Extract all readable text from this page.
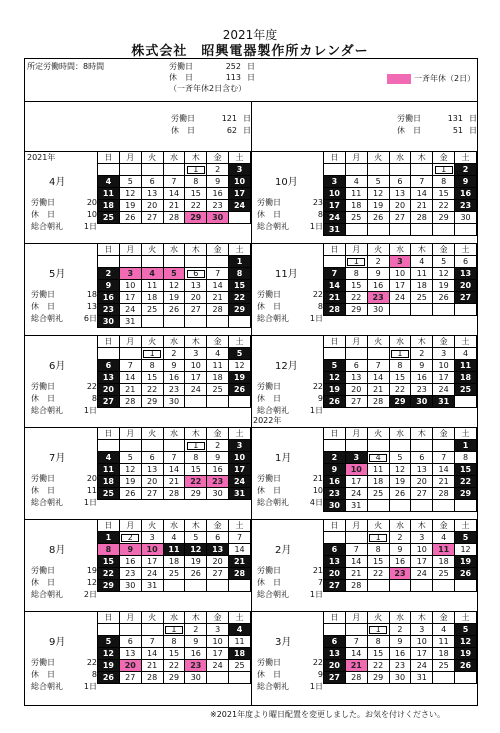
2021年度
株式会社　昭興電器製作所カレンダー
所定労働時間：8時間	労働日	252 日
休　日	113 日
（一斉年休2日含む）
一斉年休（2日）
労働日	121 日
休　日	62 日
労働日	131 日
休　日	51 日
2021年
4月
労働日	20
休　日	10
総合朝礼	1日
日	月	火	水	木	金	土
				1	2	3
4	5	6	7	8	9	10
11	12	13	14	15	16	17
18	19	20	21	22	23	24
25	26	27	28	29	30	
10月
労働日	23
休　日	8
総合朝礼	1日
日	月	火	水	木	金	土
					1	2
3	4	5	6	7	8	9
10	11	12	13	14	15	16
17	18	19	20	21	22	23
24	25	26	27	28	29	30
31						
5月
労働日	18
休　日	13
総合朝礼	6日
日	月	火	水	木	金	土
						1
2	3	4	5	6	7	8
9	10	11	12	13	14	15
16	17	18	19	20	21	22
23	24	25	26	27	28	29
30	31					
11月
労働日	22
休　日	8
総合朝礼	1日
日	月	火	水	木	金	土
	1	2	3	4	5	6
7	8	9	10	11	12	13
14	15	16	17	18	19	20
21	22	23	24	25	26	27
28	29	30				
6月
労働日	22
休　日	8
総合朝礼	1日
日	月	火	水	木	金	土
		1	2	3	4	5
6	7	8	9	10	11	12
13	14	15	16	17	18	19
20	21	22	23	24	25	26
27	28	29	30			
12月
労働日	22
休　日	9
総合朝礼	1日
日	月	火	水	木	金	土
			1	2	3	4
5	6	7	8	9	10	11
12	13	14	15	16	17	18
19	20	21	22	23	24	25
26	27	28	29	30	31	
7月
労働日	20
休　日	11
総合朝礼	1日
日	月	火	水	木	金	土
				1	2	3
4	5	6	7	8	9	10
11	12	13	14	15	16	17
18	19	20	21	22	23	24
25	26	27	28	29	30	31
2022年
1月
労働日	21
休　日	10
総合朝礼	4日
日	月	火	水	木	金	土
						1
2	3	4	5	6	7	8
9	10	11	12	13	14	15
16	17	18	19	20	21	22
23	24	25	26	27	28	29
30	31					
8月
労働日	19
休　日	12
総合朝礼	2日
日	月	火	水	木	金	土
1	2	3	4	5	6	7
8	9	10	11	12	13	14
15	16	17	18	19	20	21
22	23	24	25	26	27	28
29	30	31				
2月
労働日	21
休　日	7
総合朝礼	1日
日	月	火	水	木	金	土
		1	2	3	4	5
6	7	8	9	10	11	12
13	14	15	16	17	18	19
20	21	22	23	24	25	26
27	28					
9月
労働日	22
休　日	8
総合朝礼	1日
日	月	火	水	木	金	土
			1	2	3	4
5	6	7	8	9	10	11
12	13	14	15	16	17	18
19	20	21	22	23	24	25
26	27	28	29	30		
3月
労働日	22
休　日	9
総合朝礼	1日
日	月	火	水	木	金	土
		1	2	3	4	5
6	7	8	9	10	11	12
13	14	15	16	17	18	19
20	21	22	23	24	25	26
27	28	29	30	31		
※2021年度より曜日配置を変更しました。お気を付けください。
